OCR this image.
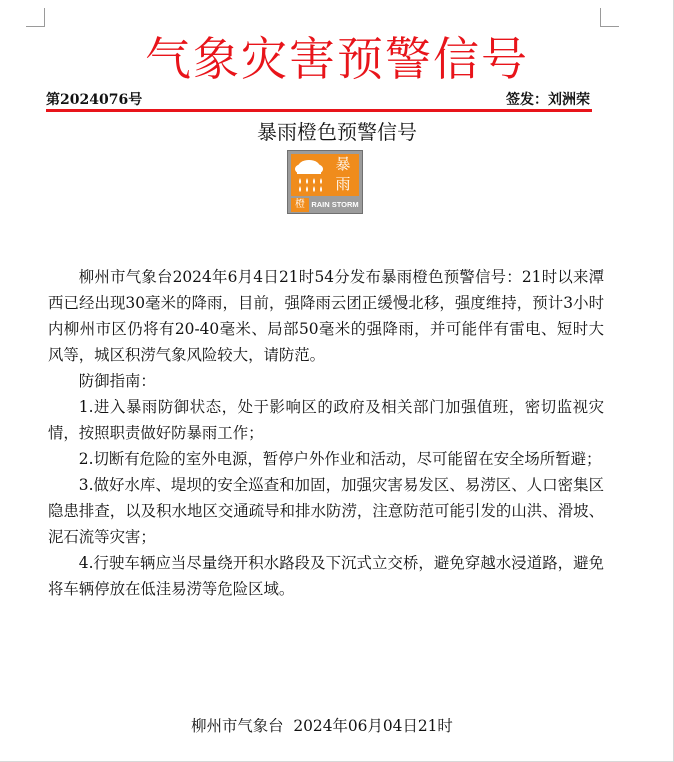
气象灾害预警信号
第2024076号	签发：刘洲荣
暴雨橙色预警信号
暴
雨
橙 RAIN STORM

柳州市气象台2024年6月4日21时54分发布暴雨橙色预警信号：21时以来潭西已经出现30毫米的降雨，目前，强降雨云团正缓慢北移，强度维持，预计3小时内柳州市区仍将有20-40毫米、局部50毫米的强降雨，并可能伴有雷电、短时大风等，城区积涝气象风险较大，请防范。

防御指南：

1.进入暴雨防御状态，处于影响区的政府及相关部门加强值班，密切监视灾情，按照职责做好防暴雨工作；

2.切断有危险的室外电源，暂停户外作业和活动，尽可能留在安全场所暂避；

3.做好水库、堤坝的安全巡查和加固，加强灾害易发区、易涝区、人口密集区隐患排查，以及积水地区交通疏导和排水防涝，注意防范可能引发的山洪、滑坡、泥石流等灾害；

4.行驶车辆应当尽量绕开积水路段及下沉式立交桥，避免穿越水浸道路，避免将车辆停放在低洼易涝等危险区域。

柳州市气象台 2024年06月04日21时
